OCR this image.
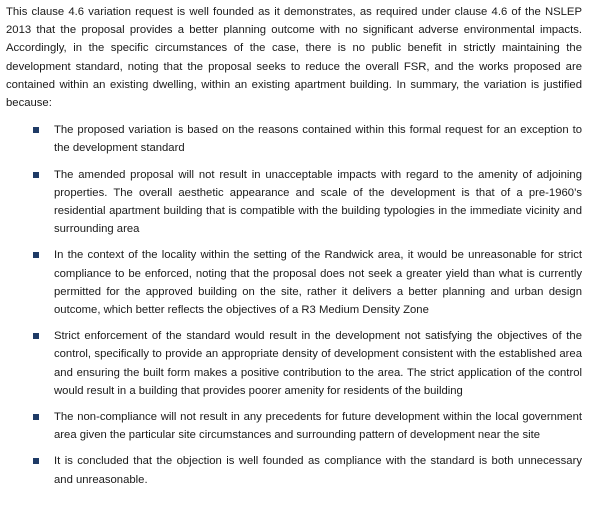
This clause 4.6 variation request is well founded as it demonstrates, as required under clause 4.6 of the NSLEP 2013 that the proposal provides a better planning outcome with no significant adverse environmental impacts. Accordingly, in the specific circumstances of the case, there is no public benefit in strictly maintaining the development standard, noting that the proposal seeks to reduce the overall FSR, and the works proposed are contained within an existing dwelling, within an existing apartment building. In summary, the variation is justified because:

The proposed variation is based on the reasons contained within this formal request for an exception to the development standard
The amended proposal will not result in unacceptable impacts with regard to the amenity of adjoining properties. The overall aesthetic appearance and scale of the development is that of a pre-1960’s residential apartment building that is compatible with the building typologies in the immediate vicinity and surrounding area
In the context of the locality within the setting of the Randwick area, it would be unreasonable for strict compliance to be enforced, noting that the proposal does not seek a greater yield than what is currently permitted for the approved building on the site, rather it delivers a better planning and urban design outcome, which better reflects the objectives of a R3 Medium Density Zone
Strict enforcement of the standard would result in the development not satisfying the objectives of the control, specifically to provide an appropriate density of development consistent with the established area and ensuring the built form makes a positive contribution to the area. The strict application of the control would result in a building that provides poorer amenity for residents of the building
The non-compliance will not result in any precedents for future development within the local government area given the particular site circumstances and surrounding pattern of development near the site
It is concluded that the objection is well founded as compliance with the standard is both unnecessary and unreasonable.
